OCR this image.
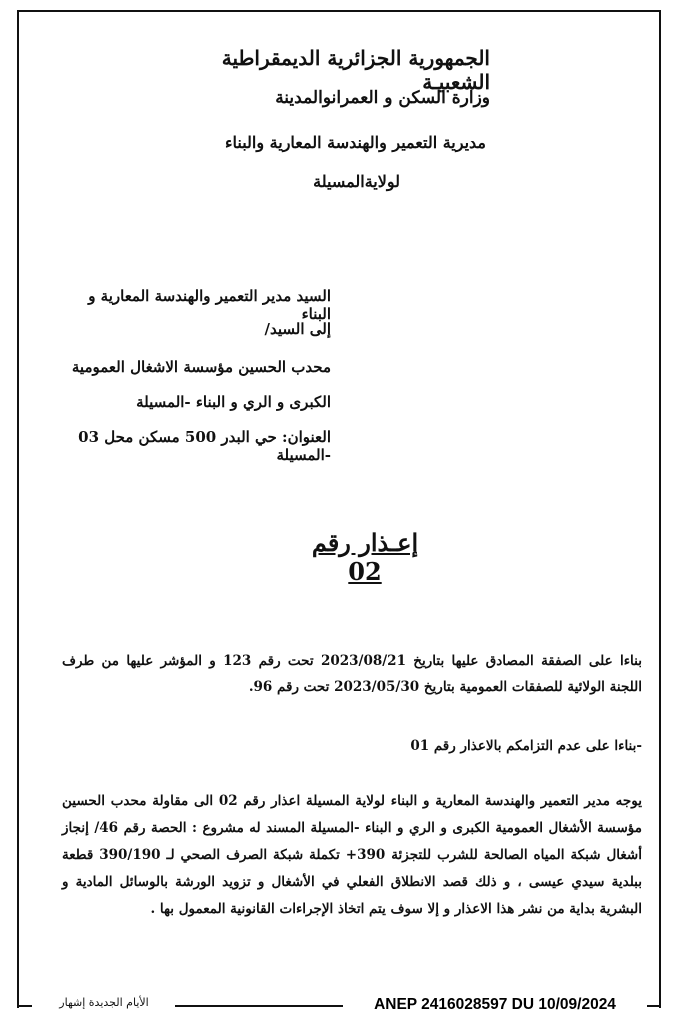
الجمهورية الجزائرية الديمقراطية الشعبيـة
وزارة السكن و العمرانوالمدينة
مديرية التعمير والهندسة المعارية والبناء
لولايةالمسيلة
السيد مدير التعمير والهندسة المعارية و البناء
إلى السيد/
محدب الحسين مؤسسة الاشغال العمومية
الكبرى و الري و البناء -المسيلة
العنوان: حي البدر 500 مسكن محل 03 -المسيلة
إعـذار رقم 02
بناءا على الصفقة المصادق عليها بتاريخ 2023/08/21 تحت رقم 123 و المؤشر عليها من طرف اللجنة الولائية للصفقات العمومية بتاريخ 2023/05/30 تحت رقم 96.
-بناءا على عدم التزامكم بالاعذار رقم 01
يوجه مدير التعمير والهندسة المعارية و البناء لولاية المسيلة اعذار رقم 02 الى مقاولة محدب الحسين مؤسسة الأشغال العمومية الكبرى و الري و البناء -المسيلة المسند له مشروع : الحصة رقم 46/ إنجاز أشغال شبكة المياه الصالحة للشرب للتجزئة 390+ تكملة شبكة الصرف الصحي لـ 390/190 قطعة ببلدية سيدي عيسى ، و ذلك قصد الانطلاق الفعلي في الأشغال و تزويد الورشة بالوسائل المادية و البشرية بداية من نشر هذا الاعذار و إلا سوف يتم اتخاذ الإجراءات القانونية المعمول بها .
الأيام الجديدة إشهار	ANEP 2416028597 DU 10/09/2024
